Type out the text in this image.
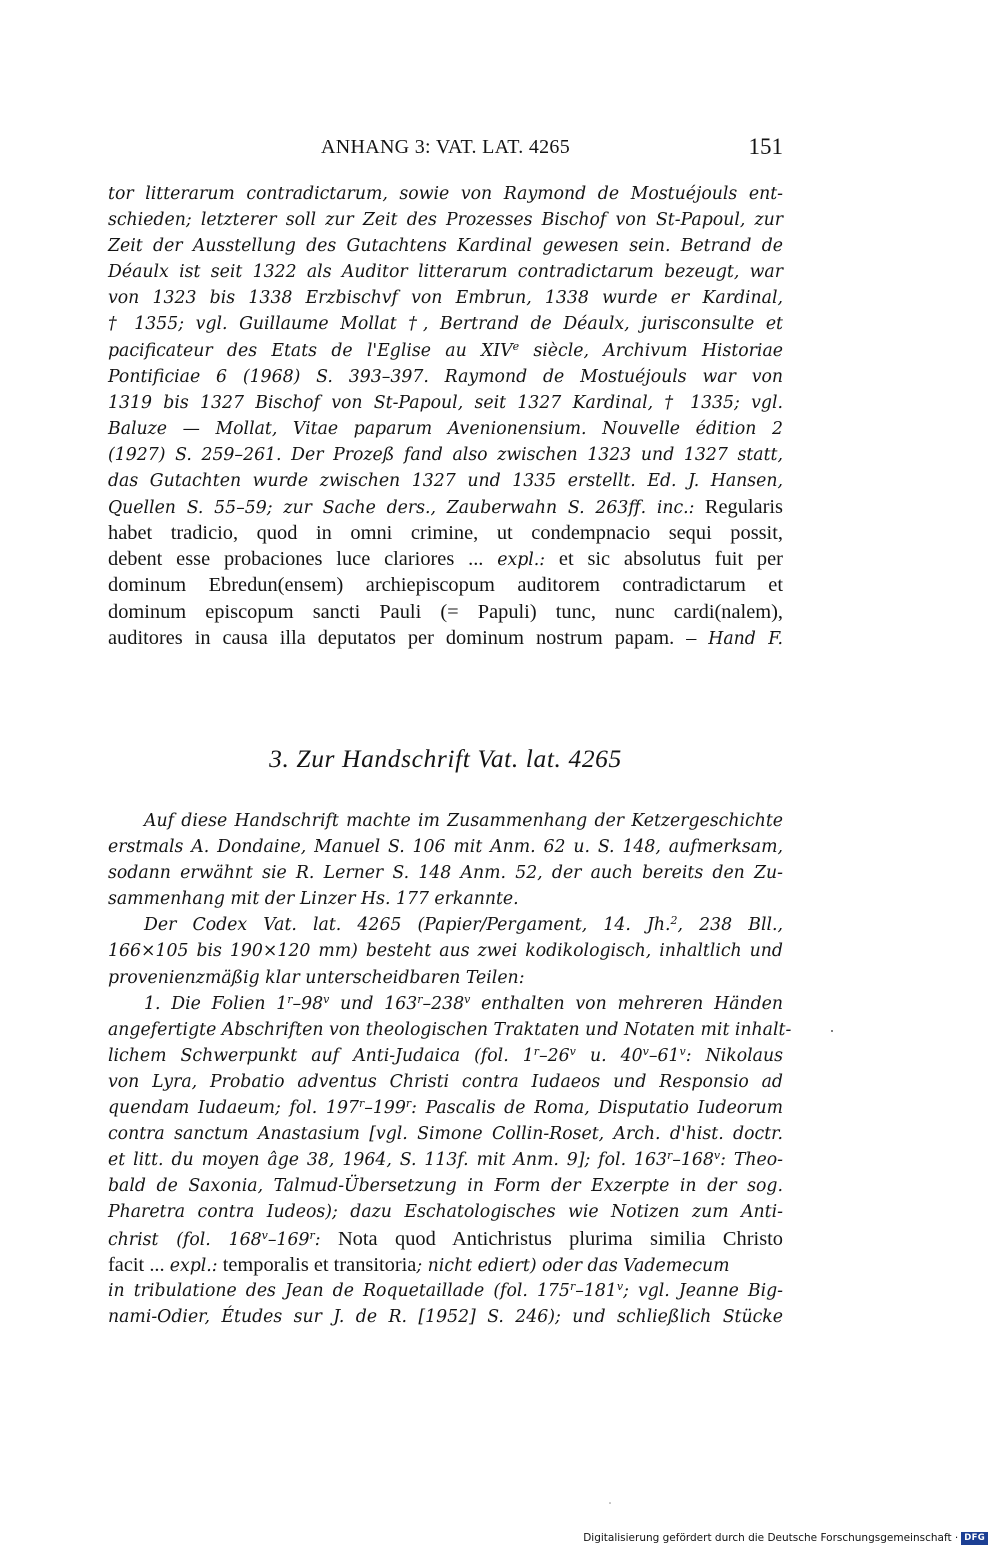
ANHANG 3: VAT. LAT. 4265	151
tor litterarum contradictarum, sowie von Raymond de Mostuéjouls ent-
schieden; letzterer soll zur Zeit des Prozesses Bischof von St-Papoul, zur
Zeit der Ausstellung des Gutachtens Kardinal gewesen sein. Betrand de
Déaulx ist seit 1322 als Auditor litterarum contradictarum bezeugt, war
von 1323 bis 1338 Erzbischvf von Embrun, 1338 wurde er Kardinal,
† 1355; vgl. Guillaume Mollat †, Bertrand de Déaulx, jurisconsulte et
pacificateur des Etats de l'Eglise au XIVe siècle, Archivum Historiae
Pontificiae 6 (1968) S. 393–397. Raymond de Mostuéjouls war von
1319 bis 1327 Bischof von St-Papoul, seit 1327 Kardinal, † 1335; vgl.
Baluze — Mollat, Vitae paparum Avenionensium. Nouvelle édition 2
(1927) S. 259–261. Der Prozeß fand also zwischen 1323 und 1327 statt,
das Gutachten wurde zwischen 1327 und 1335 erstellt. Ed. J. Hansen,
Quellen S. 55–59; zur Sache ders., Zauberwahn S. 263ff. inc.: Regularis
habet tradicio, quod in omni crimine, ut condempnacio sequi possit,
debent esse probaciones luce clariores ... expl.: et sic absolutus fuit per
dominum Ebredun(ensem) archiepiscopum auditorem contradictarum et
dominum episcopum sancti Pauli (= Papuli) tunc, nunc cardi(nalem),
auditores in causa illa deputatos per dominum nostrum papam. – Hand F.
3. Zur Handschrift Vat. lat. 4265
Auf diese Handschrift machte im Zusammenhang der Ketzergeschichte
erstmals A. Dondaine, Manuel S. 106 mit Anm. 62 u. S. 148, aufmerksam,
sodann erwähnt sie R. Lerner S. 148 Anm. 52, der auch bereits den Zu-
sammenhang mit der Linzer Hs. 177 erkannte.
Der Codex Vat. lat. 4265 (Papier/Pergament, 14. Jh.$^2$, 238 Bll.,
166×105 bis 190×120 mm) besteht aus zwei kodikologisch, inhaltlich und
provenienzmäßig klar unterscheidbaren Teilen:
1. Die Folien 1$^r$–98$^v$ und 163$^r$–238$^v$ enthalten von mehreren Händen
angefertigte Abschriften von theologischen Traktaten und Notaten mit inhalt-
lichem Schwerpunkt auf Anti-Judaica (fol. 1$^r$–26$^v$ u. 40$^v$–61$^v$: Nikolaus
von Lyra, Probatio adventus Christi contra Iudaeos und Responsio ad
quendam Iudaeum; fol. 197$^r$–199$^r$: Pascalis de Roma, Disputatio Iudeorum
contra sanctum Anastasium [vgl. Simone Collin-Roset, Arch. d'hist. doctr.
et litt. du moyen âge 38, 1964, S. 113f. mit Anm. 9]; fol. 163$^r$–168$^v$: Theo-
bald de Saxonia, Talmud-Übersetzung in Form der Exzerpte in der sog.
Pharetra contra Iudeos); dazu Eschatologisches wie Notizen zum Anti-
christ (fol. 168$^v$–169$^r$: Nota quod Antichristus plurima similia Christo
facit ... expl.: temporalis et transitoria; nicht ediert) oder das Vademecum
in tribulatione des Jean de Roquetaillade (fol. 175$^r$–181$^v$; vgl. Jeanne Big-
nami-Odier, Études sur J. de R. [1952] S. 246); und schließlich Stücke
Digitalisierung gefördert durch die Deutsche Forschungsgemeinschaft · DFG
